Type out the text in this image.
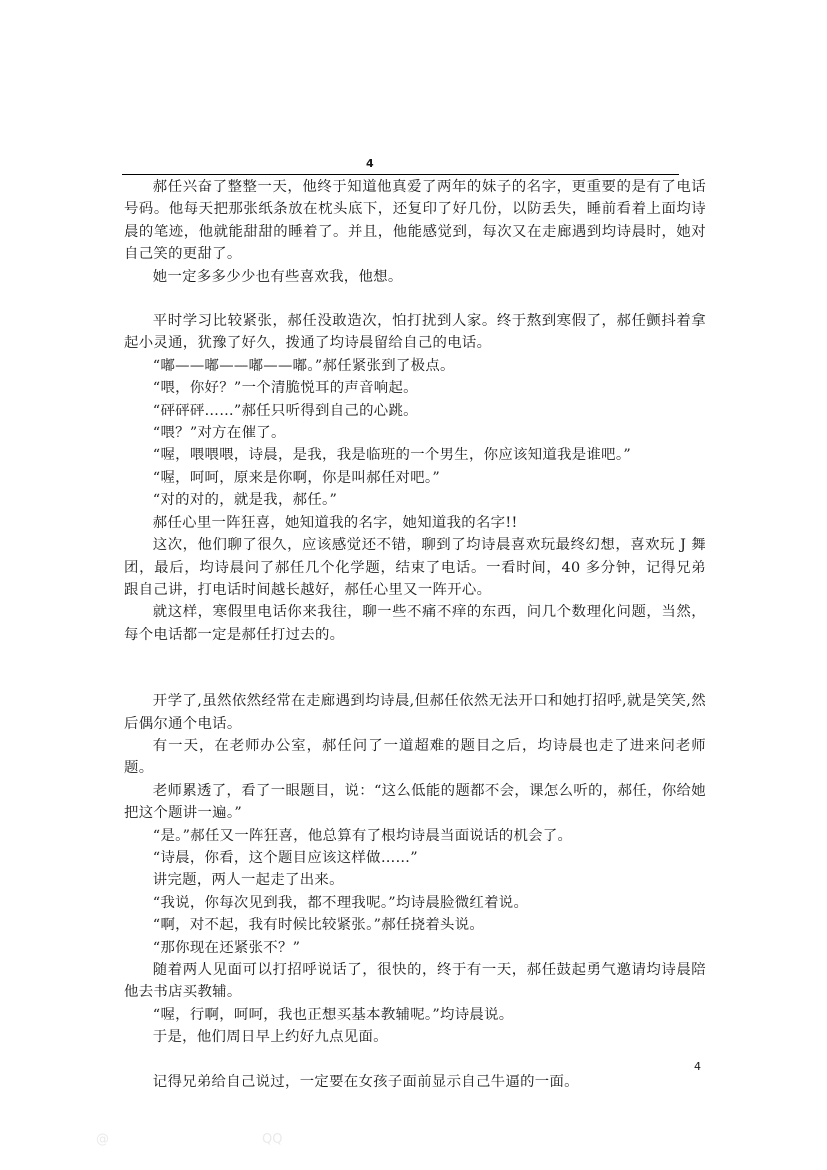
4

郝任兴奋了整整一天，他终于知道他真爱了两年的妹子的名字，更重要的是有了电话号码。他每天把那张纸条放在枕头底下，还复印了好几份，以防丢失，睡前看着上面均诗晨的笔迹，他就能甜甜的睡着了。并且，他能感觉到，每次又在走廊遇到均诗晨时，她对自己笑的更甜了。

她一定多多少少也有些喜欢我，他想。

平时学习比较紧张，郝任没敢造次，怕打扰到人家。终于熬到寒假了，郝任颤抖着拿起小灵通，犹豫了好久，拨通了均诗晨留给自己的电话。

“嘟——嘟——嘟——嘟。”郝任紧张到了极点。

“喂，你好？”一个清脆悦耳的声音响起。

“砰砰砰……”郝任只听得到自己的心跳。

“喂？”对方在催了。

“喔，喂喂喂，诗晨，是我，我是临班的一个男生，你应该知道我是谁吧。”

“喔，呵呵，原来是你啊，你是叫郝任对吧。”

“对的对的，就是我，郝任。”

郝任心里一阵狂喜，她知道我的名字，她知道我的名字!!

这次，他们聊了很久，应该感觉还不错，聊到了均诗晨喜欢玩最终幻想，喜欢玩 J 舞团，最后，均诗晨问了郝任几个化学题，结束了电话。一看时间，40 多分钟，记得兄弟跟自己讲，打电话时间越长越好，郝任心里又一阵开心。

就这样，寒假里电话你来我往，聊一些不痛不痒的东西，问几个数理化问题，当然，每个电话都一定是郝任打过去的。

开学了,虽然依然经常在走廊遇到均诗晨,但郝任依然无法开口和她打招呼,就是笑笑,然后偶尔通个电话。

有一天，在老师办公室，郝任问了一道超难的题目之后，均诗晨也走了进来问老师题。

老师累透了，看了一眼题目，说：“这么低能的题都不会，课怎么听的，郝任，你给她把这个题讲一遍。”

“是。”郝任又一阵狂喜，他总算有了根均诗晨当面说话的机会了。

“诗晨，你看，这个题目应该这样做……”

讲完题，两人一起走了出来。

“我说，你每次见到我，都不理我呢。”均诗晨脸微红着说。

“啊，对不起，我有时候比较紧张。”郝任挠着头说。

“那你现在还紧张不？”

随着两人见面可以打招呼说话了，很快的，终于有一天，郝任鼓起勇气邀请均诗晨陪他去书店买教辅。

“喔，行啊，呵呵，我也正想买基本教辅呢。”均诗晨说。

于是，他们周日早上约好九点见面。

记得兄弟给自己说过，一定要在女孩子面前显示自己牛逼的一面。

4
@	QQ
